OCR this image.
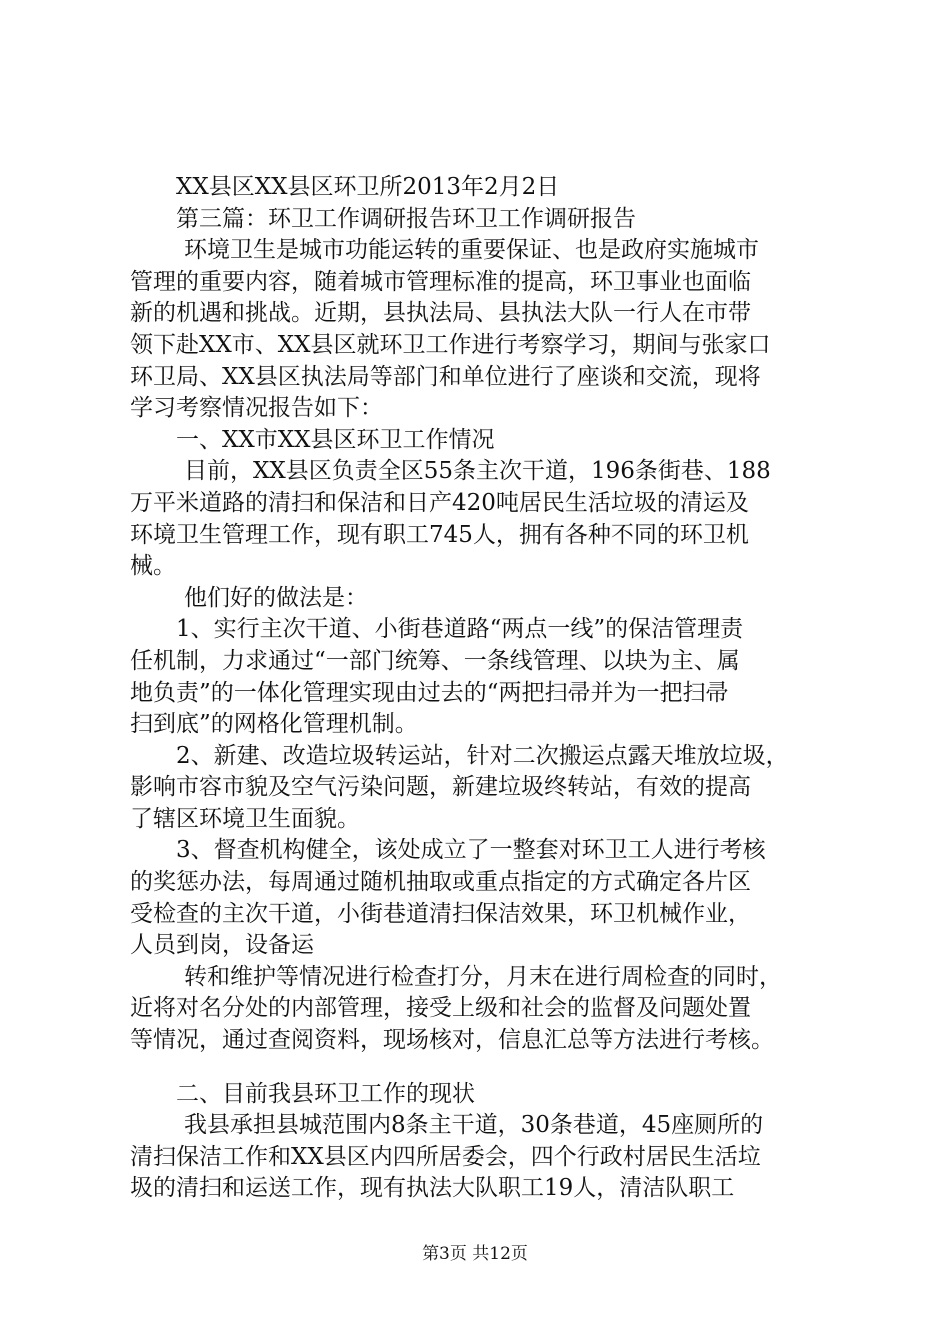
XX县区XX县区环卫所2013年2月2日
第三篇：环卫工作调研报告环卫工作调研报告
环境卫生是城市功能运转的重要保证、也是政府实施城市
管理的重要内容，随着城市管理标准的提高，环卫事业也面临
新的机遇和挑战。近期，县执法局、县执法大队一行人在市带
领下赴XX市、XX县区就环卫工作进行考察学习，期间与张家口
环卫局、XX县区执法局等部门和单位进行了座谈和交流，现将
学习考察情况报告如下：
一、XX市XX县区环卫工作情况
目前，XX县区负责全区55条主次干道，196条街巷、188
万平米道路的清扫和保洁和日产420吨居民生活垃圾的清运及
环境卫生管理工作，现有职工745人，拥有各种不同的环卫机
械。
他们好的做法是：
1、实行主次干道、小街巷道路“两点一线”的保洁管理责
任机制，力求通过“一部门统筹、一条线管理、以块为主、属
地负责”的一体化管理实现由过去的“两把扫帚并为一把扫帚
扫到底”的网格化管理机制。
2、新建、改造垃圾转运站，针对二次搬运点露天堆放垃圾，
影响市容市貌及空气污染问题，新建垃圾终转站，有效的提高
了辖区环境卫生面貌。
3、督查机构健全，该处成立了一整套对环卫工人进行考核
的奖惩办法，每周通过随机抽取或重点指定的方式确定各片区
受检查的主次干道，小街巷道清扫保洁效果，环卫机械作业，
人员到岗，设备运
转和维护等情况进行检查打分，月末在进行周检查的同时，
近将对名分处的内部管理，接受上级和社会的监督及问题处置
等情况，通过查阅资料，现场核对，信息汇总等方法进行考核。
二、目前我县环卫工作的现状
我县承担县城范围内8条主干道，30条巷道，45座厕所的
清扫保洁工作和XX县区内四所居委会，四个行政村居民生活垃
圾的清扫和运送工作，现有执法大队职工19人，清洁队职工
第3页 共12页
